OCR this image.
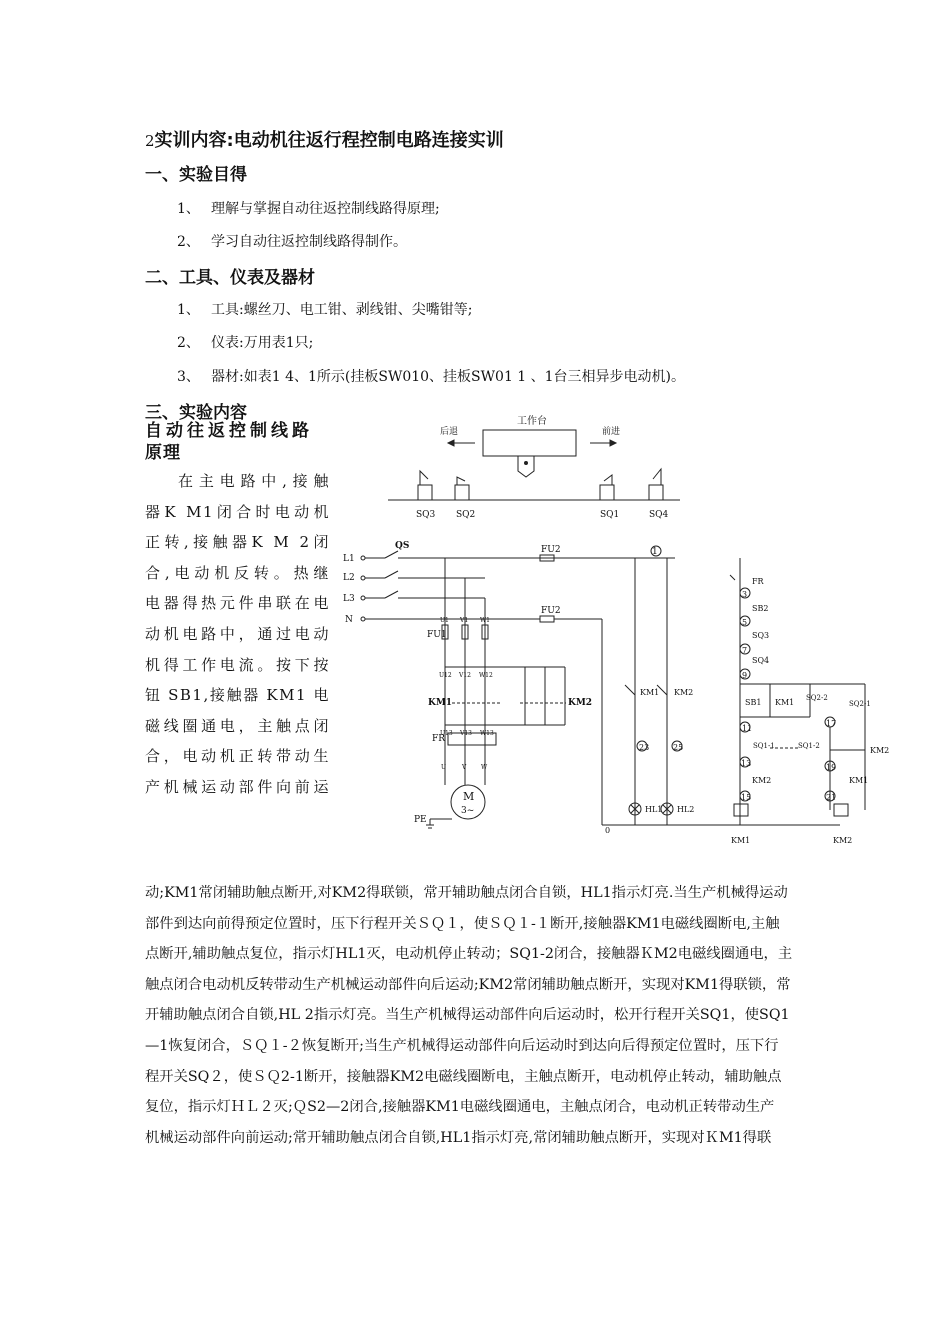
2实训内容:电动机往返行程控制电路连接实训
一、实验目得
1、 理解与掌握自动往返控制线路得原理;
2、 学习自动往返控制线路得制作。
二、工具、仪表及器材
1、 工具:螺丝刀、电工钳、剥线钳、尖嘴钳等;
2、 仪表:万用表1只;
3、 器材:如表1 4、1所示(挂板SW010、挂板SW01 1 、1台三相异步电动机)。
三、实验内容
自动往返控制线路
原理
在主电路中,接触
器K M1闭合时电动机
正转,接触器K M 2闭
合,电动机反转。热继
电器得热元件串联在电
动机电路中，通过电动
机得工作电流。按下按
钮 SB1,接触器 KM1 电
磁线圈通电，主触点闭
合，电动机正转带动生
产机械运动部件向前运
动;KM1常闭辅助触点断开,对KM2得联锁，常开辅助触点闭合自锁，HL1指示灯亮.当生产机械得运动
部件到达向前得预定位置时，压下行程开关ＳＱ１，使ＳＱ１-１断开,接触器KM1电磁线圈断电,主触
点断开,辅助触点复位，指示灯HL1灭，电动机停止转动；SQ1-2闭合，接触器ＫM2电磁线圈通电，主
触点闭合电动机反转带动生产机械运动部件向后运动;KM2常闭辅助触点断开，实现对KM1得联锁，常
开辅助触点闭合自锁,HL 2指示灯亮。当生产机械得运动部件向后运动时，松开行程开关SQ1，使SQ1
—1恢复闭合，ＳＱ１-２恢复断开;当生产机械得运动部件向后运动时到达向后得预定位置时，压下行
程开关SQ２，使ＳＱ2-1断开，接触器KM2电磁线圈断电，主触点断开，电动机停止转动，辅助触点
复位，指示灯ＨＬ２灭;ＱS2—2闭合,接触器KM1电磁线圈通电，主触点闭合，电动机正转带动生产
机械运动部件向前运动;常开辅助触点闭合自锁,HL1指示灯亮,常闭辅助触点断开，实现对ＫM1得联
工作台
后退	前进
SQ3 SQ2	SQ1	SQ4
L1
L2
L3
N
QS	FU2
FU2
1
FU1
U1 V1 W1
U12 V12 W12
KM1	KM2
FR
U13 V13 W13
U	V W
M
3~
PE
KM1 KM2
23	25
HL1 HL2
0
FR
3
SB2
5
SQ3
7
SQ4
9
SB1 KM1 SQ2-2
SQ2-1
11
17
SQ1-1	SQ1-2	KM2
13	19
KM2	KM1
15	21
KM1	KM2
